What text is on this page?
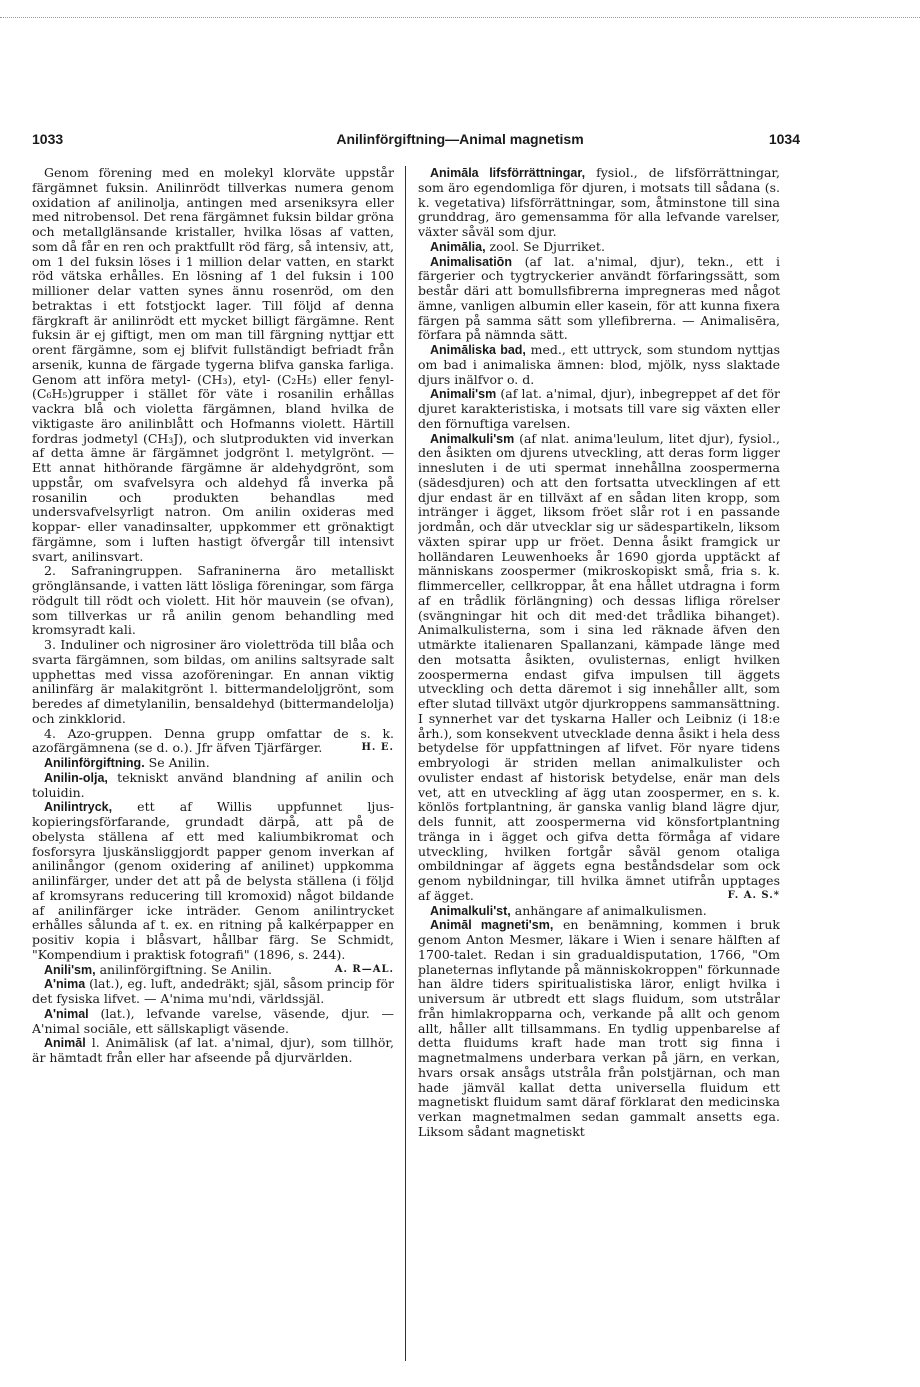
1033	Anilinförgiftning—Animal magnetism	1034

Genom förening med en molekyl klorväte uppstår färgämnet fuksin. Anilinrödt tillverkas numera genom oxidation af anilinolja, antingen med arseniksyra eller med nitrobensol. Det rena färgämnet fuksin bildar gröna och metallglänsande kristaller, hvilka lösas af vatten, som då får en ren och praktfullt röd färg, så intensiv, att, om 1 del fuksin löses i 1 million delar vatten, en starkt röd vätska erhålles. En lösning af 1 del fuksin i 100 millioner delar vatten synes ännu rosenröd, om den betraktas i ett fotstjockt lager. Till följd af denna färgkraft är anilinrödt ett mycket billigt färgämne. Rent fuksin är ej giftigt, men om man till färgning nyttjar ett orent färgämne, som ej blifvit fullständigt befriadt från arsenik, kunna de färgade tygerna blifva ganska farliga. Genom att införa metyl- (CH₃), etyl- (C₂H₅) eller fenyl-(C₆H₅)grupper i stället för väte i rosanilin erhållas vackra blå och violetta färgämnen, bland hvilka de viktigaste äro anilinblått och Hofmanns violett. Härtill fordras jodmetyl (CH₃J), och slutprodukten vid inverkan af detta ämne är färgämnet jodgrönt l. metylgrönt. — Ett annat hithörande färgämne är aldehydgrönt, som uppstår, om svafvelsyra och aldehyd få inverka på rosanilin och produkten behandlas med undersvafvelsyrligt natron. Om anilin oxideras med koppar- eller vanadinsalter, uppkommer ett grönaktigt färgämne, som i luften hastigt öfvergår till intensivt svart, anilinsvart.

2. Safraningruppen. Safraninerna äro metalliskt grönglänsande, i vatten lätt lösliga föreningar, som färga rödgult till rödt och violett. Hit hör mauvein (se ofvan), som tillverkas ur rå anilin genom behandling med kromsyradt kali.

3. Induliner och nigrosiner äro violettröda till blåa och svarta färgämnen, som bildas, om anilins saltsyrade salt upphettas med vissa azoföreningar. En annan viktig anilinfärg är malakitgrönt l. bittermandeloljgrönt, som beredes af dimetylanilin, bensaldehyd (bittermandelolja) och zinkklorid.

4. Azo-gruppen. Denna grupp omfattar de s. k. azofärgämnena (se d. o.). Jfr äfven Tjärfärger.	H. E.

Anilinförgiftning. Se Anilin.

Anilin-olja, tekniskt använd blandning af anilin och toluidin.

Anilintryck, ett af Willis uppfunnet ljus-kopieringsförfarande, grundadt därpå, att på de obelysta ställena af ett med kaliumbikromat och fosforsyra ljuskänsliggjordt papper genom inverkan af anilinångor (genom oxidering af anilinet) uppkomma anilinfärger, under det att på de belysta ställena (i följd af kromsyrans reducering till kromoxid) något bildande af anilinfärger icke inträder. Genom anilintrycket erhålles sålunda af t. ex. en ritning på kalkérpapper en positiv kopia i blåsvart, hållbar färg. Se Schmidt, "Kompendium i praktisk fotografi" (1896, s. 244).
A. R—AL.

Anili'sm, anilinförgiftning. Se Anilin.

A'nima (lat.), eg. luft, andedräkt; själ, såsom princip för det fysiska lifvet. — A'nima mu'ndi, världssjäl.

A'nimal (lat.), lefvande varelse, väsende, djur. — A'nimal sociāle, ett sällskapligt väsende.

Animāl l. Animālisk (af lat. a'nimal, djur), som tillhör, är hämtadt från eller har afseende på djurvärlden.

Animāla lifsförrättningar, fysiol., de lifsförrättningar, som äro egendomliga för djuren, i motsats till sådana (s. k. vegetativa) lifsförrättningar, som, åtminstone till sina grunddrag, äro gemensamma för alla lefvande varelser, växter såväl som djur.

Animālia, zool. Se Djurriket.

Animalisatiōn (af lat. a'nimal, djur), tekn., ett i färgerier och tygtryckerier användt förfaringssätt, som består däri att bomullsfibrerna impregneras med något ämne, vanligen albumin eller kasein, för att kunna fixera färgen på samma sätt som yllefibrerna. — Animalisēra, förfara på nämnda sätt.

Animāliska bad, med., ett uttryck, som stundom nyttjas om bad i animaliska ämnen: blod, mjölk, nyss slaktade djurs inälfvor o. d.

Animali'sm (af lat. a'nimal, djur), inbegreppet af det för djuret karakteristiska, i motsats till vare sig växten eller den förnuftiga varelsen.

Animalkuli'sm (af nlat. anima'leulum, litet djur), fysiol., den åsikten om djurens utveckling, att deras form ligger innesluten i de uti spermat innehållna zoospermerna (sädesdjuren) och att den fortsatta utvecklingen af ett djur endast är en tillväxt af en sådan liten kropp, som intränger i ägget, liksom fröet slår rot i en passande jordmån, och där utvecklar sig ur sädespartikeln, liksom växten spirar upp ur fröet. Denna åsikt framgick ur holländaren Leuwenhoeks år 1690 gjorda upptäckt af människans zoospermer (mikroskopiskt små, fria s. k. flimmerceller, cellkroppar, åt ena hållet utdragna i form af en trådlik förlängning) och dessas lifliga rörelser (svängningar hit och dit med·det trådlika bihanget). Animalkulisterna, som i sina led räknade äfven den utmärkte italienaren Spallanzani, kämpade länge med den motsatta åsikten, ovulisternas, enligt hvilken zoospermerna endast gifva impulsen till äggets utveckling och detta däremot i sig innehåller allt, som efter slutad tillväxt utgör djurkroppens sammansättning. I synnerhet var det tyskarna Haller och Leibniz (i 18:e årh.), som konsekvent utvecklade denna åsikt i hela dess betydelse för uppfattningen af lifvet. För nyare tidens embryologi är striden mellan animalkulister och ovulister endast af historisk betydelse, enär man dels vet, att en utveckling af ägg utan zoospermer, en s. k. könlös fortplantning, är ganska vanlig bland lägre djur, dels funnit, att zoospermerna vid könsfortplantning tränga in i ägget och gifva detta förmåga af vidare utveckling, hvilken fortgår såväl genom otaliga ombildningar af äggets egna beståndsdelar som ock genom nybildningar, till hvilka ämnet utifrån upptages af ägget.	F. A. S.*

Animalkuli'st, anhängare af animalkulismen.

Animāl magneti'sm, en benämning, kommen i bruk genom Anton Mesmer, läkare i Wien i senare hälften af 1700-talet. Redan i sin gradualdisputation, 1766, "Om planeternas inflytande på människokroppen" förkunnade han äldre tiders spiritualistiska läror, enligt hvilka i universum är utbredt ett slags fluidum, som utstrålar från himlakropparna och, verkande på allt och genom allt, håller allt tillsammans. En tydlig uppenbarelse af detta fluidums kraft hade man trott sig finna i magnetmalmens underbara verkan på järn, en verkan, hvars orsak ansågs utstråla från polstjärnan, och man hade jämväl kallat detta universella fluidum ett magnetiskt fluidum samt däraf förklarat den medicinska verkan magnetmalmen sedan gammalt ansetts ega. Liksom sådant magnetiskt
